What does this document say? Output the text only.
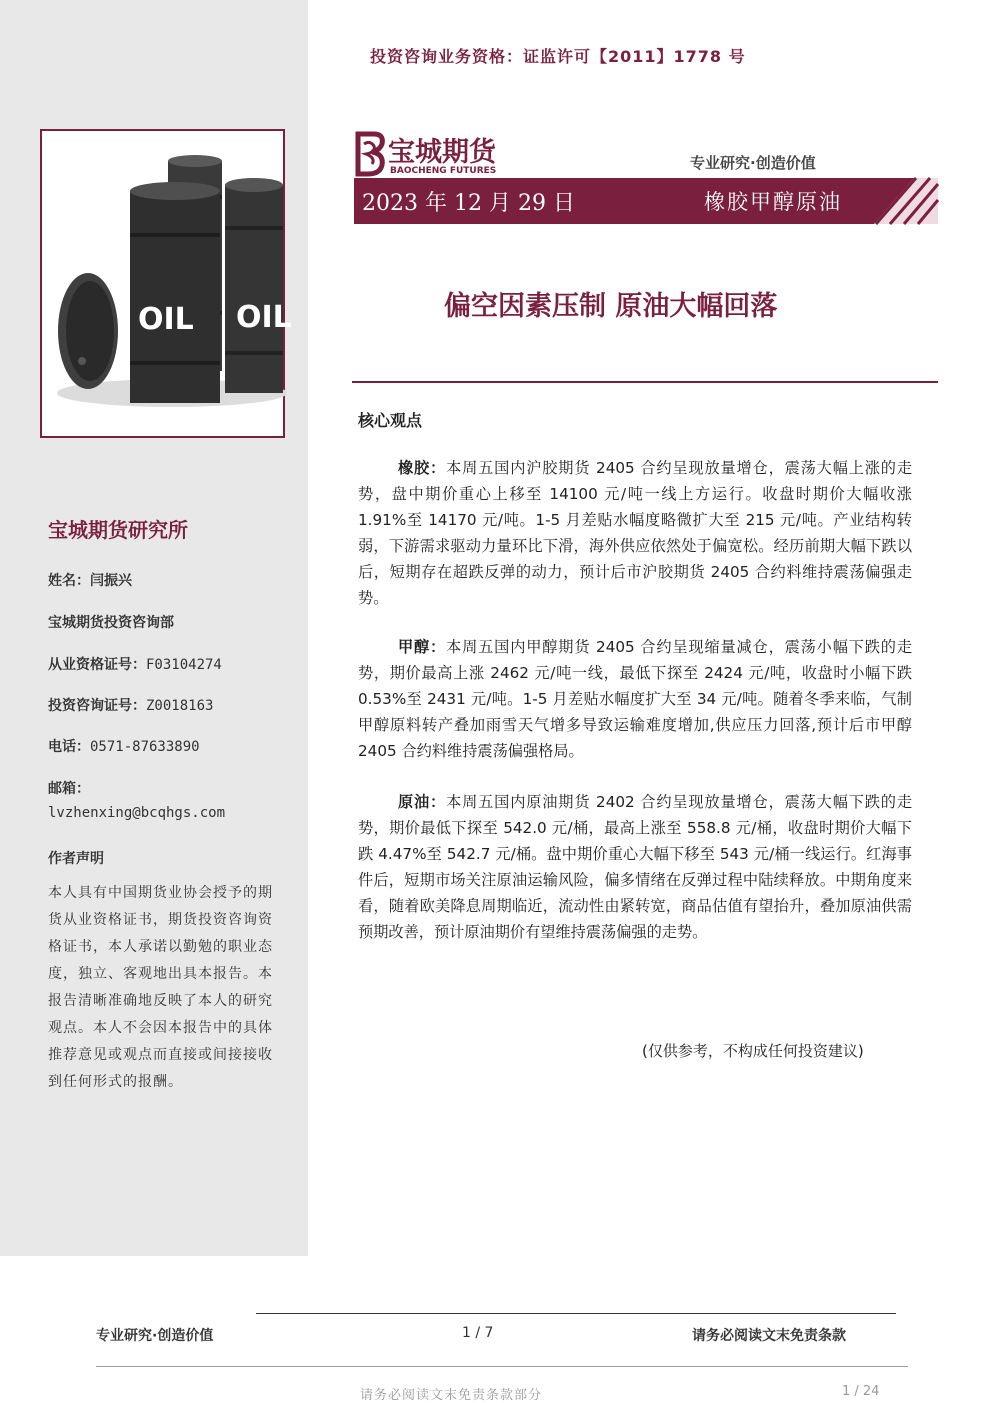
投资咨询业务资格：证监许可【2011】1778 号
OIL
OIL
宝城期货研究所
姓名：闫振兴
宝城期货投资咨询部
从业资格证号：F03104274
投资咨询证号：Z0018163
电话：0571-87633890
邮箱：
lvzhenxing@bcqhgs.com
作者声明
本人具有中国期货业协会授予的期货从业资格证书，期货投资咨询资格证书，本人承诺以勤勉的职业态度，独立、客观地出具本报告。本报告清晰准确地反映了本人的研究观点。本人不会因本报告中的具体推荐意见或观点而直接或间接接收到任何形式的报酬。
宝城期货
BAOCHENG FUTURES	专业研究·创造价值
2023 年 12 月 29 日	橡胶甲醇原油
偏空因素压制 原油大幅回落
核心观点
橡胶：本周五国内沪胶期货 2405 合约呈现放量增仓，震荡大幅上涨的走势，盘中期价重心上移至 14100 元/吨一线上方运行。收盘时期价大幅收涨 1.91%至 14170 元/吨。1-5 月差贴水幅度略微扩大至 215 元/吨。产业结构转弱，下游需求驱动力量环比下滑，海外供应依然处于偏宽松。经历前期大幅下跌以后，短期存在超跌反弹的动力，预计后市沪胶期货 2405 合约料维持震荡偏强走势。
甲醇：本周五国内甲醇期货 2405 合约呈现缩量减仓，震荡小幅下跌的走势，期价最高上涨 2462 元/吨一线，最低下探至 2424 元/吨，收盘时小幅下跌 0.53%至 2431 元/吨。1-5 月差贴水幅度扩大至 34 元/吨。随着冬季来临，气制甲醇原料转产叠加雨雪天气增多导致运输难度增加,供应压力回落,预计后市甲醇 2405 合约料维持震荡偏强格局。
原油：本周五国内原油期货 2402 合约呈现放量增仓，震荡大幅下跌的走势，期价最低下探至 542.0 元/桶，最高上涨至 558.8 元/桶，收盘时期价大幅下跌 4.47%至 542.7 元/桶。盘中期价重心大幅下移至 543 元/桶一线运行。红海事件后，短期市场关注原油运输风险，偏多情绪在反弹过程中陆续释放。中期角度来看，随着欧美降息周期临近，流动性由紧转宽，商品估值有望抬升，叠加原油供需预期改善，预计原油期价有望维持震荡偏强的走势。
(仅供参考，不构成任何投资建议)
专业研究·创造价值	1 / 7	请务必阅读文末免责条款
请务必阅读文末免责条款部分	1 / 24
